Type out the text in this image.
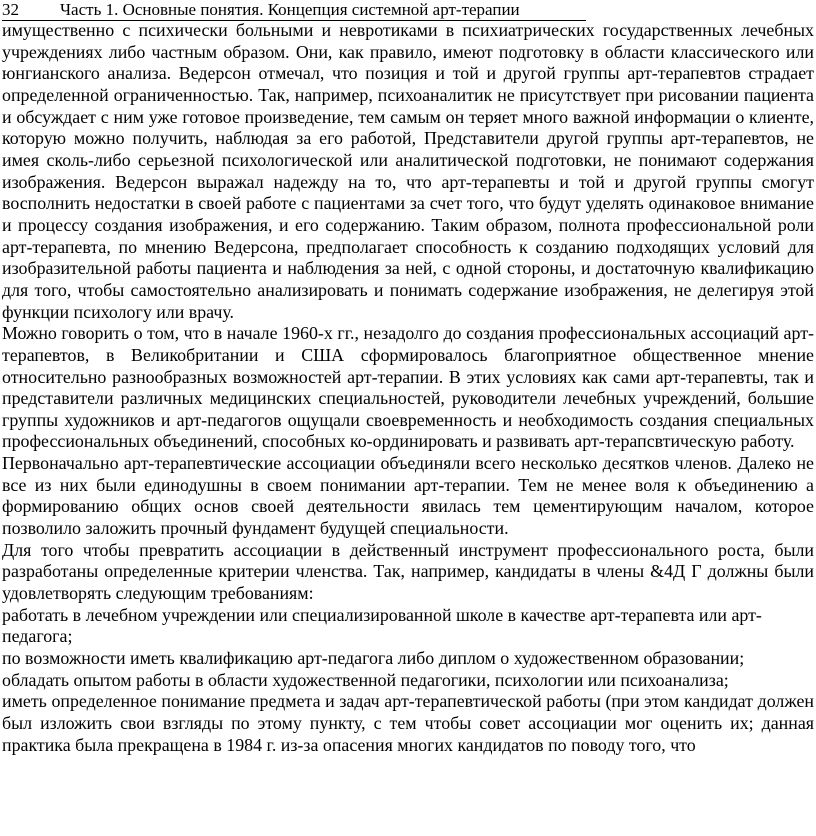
32 Часть 1. Основные понятия. Концепция системной арт-терапии

имущественно с психически больными и невротиками в психиатрических государственных лечебных учреждениях либо частным образом. Они, как правило, имеют подготовку в области классического или юнгианского анализа. Ведерсон отмечал, что позиция и той и другой группы арт-терапевтов страдает определенной ограниченностью. Так, например, психоаналитик не присутствует при рисовании пациента и обсуждает с ним уже готовое произведение, тем самым он теряет много важной информации о клиенте, которую можно получить, наблюдая за его работой, Представители другой группы арт-терапевтов, не имея сколь-либо серьезной психологической или аналитической подготовки, не понимают содержания изображения. Ведерсон выражал надежду на то, что арт-терапевты и той и другой группы смогут восполнить недостатки в своей работе с пациентами за счет того, что будут уделять одинаковое внимание и процессу создания изображения, и его содержанию. Таким образом, полнота профессиональной роли арт-терапевта, по мнению Ведерсона, предполагает способность к созданию подходящих условий для изобразительной работы пациента и наблюдения за ней, с одной стороны, и достаточную квалификацию для того, чтобы самостоятельно анализировать и понимать содержание изображения, не делегируя этой функции психологу или врачу.

Можно говорить о том, что в начале 1960-х гг., незадолго до создания профессиональных ассоциаций арт-терапевтов, в Великобритании и США сформировалось благоприятное общественное мнение относительно разнообразных возможностей арт-терапии. В этих условиях как сами арт-терапевты, так и представители различных медицинских специальностей, руководители лечебных учреждений, большие группы художников и арт-педагогов ощущали своевременность и необходимость создания специальных профессиональных объединений, способных ко-ординировать и развивать арт-терапсвтическую работу.

Первоначально арт-терапевтические ассоциации объединяли всего несколько десятков членов. Далеко не все из них были единодушны в своем понимании арт-терапии. Тем не менее воля к объединению а формированию общих основ своей деятельности явилась тем цементирующим началом, которое позволило заложить прочный фундамент будущей специальности.

Для того чтобы превратить ассоциации в действенный инструмент профессионального роста, были разработаны определенные критерии членства. Так, например, кандидаты в члены &4Д Г должны были удовлетворять следующим требованиям:

работать в лечебном учреждении или специализированной школе в качестве арт-терапевта или арт-педагога;

по возможности иметь квалификацию арт-педагога либо диплом о художественном образовании;

обладать опытом работы в области художественной педагогики, психологии или психоанализа;

иметь определенное понимание предмета и задач арт-терапевтической работы (при этом кандидат должен был изложить свои взгляды по этому пункту, с тем чтобы совет ассоциации мог оценить их; данная практика была прекращена в 1984 г. из-за опасения многих кандидатов по поводу того, что
